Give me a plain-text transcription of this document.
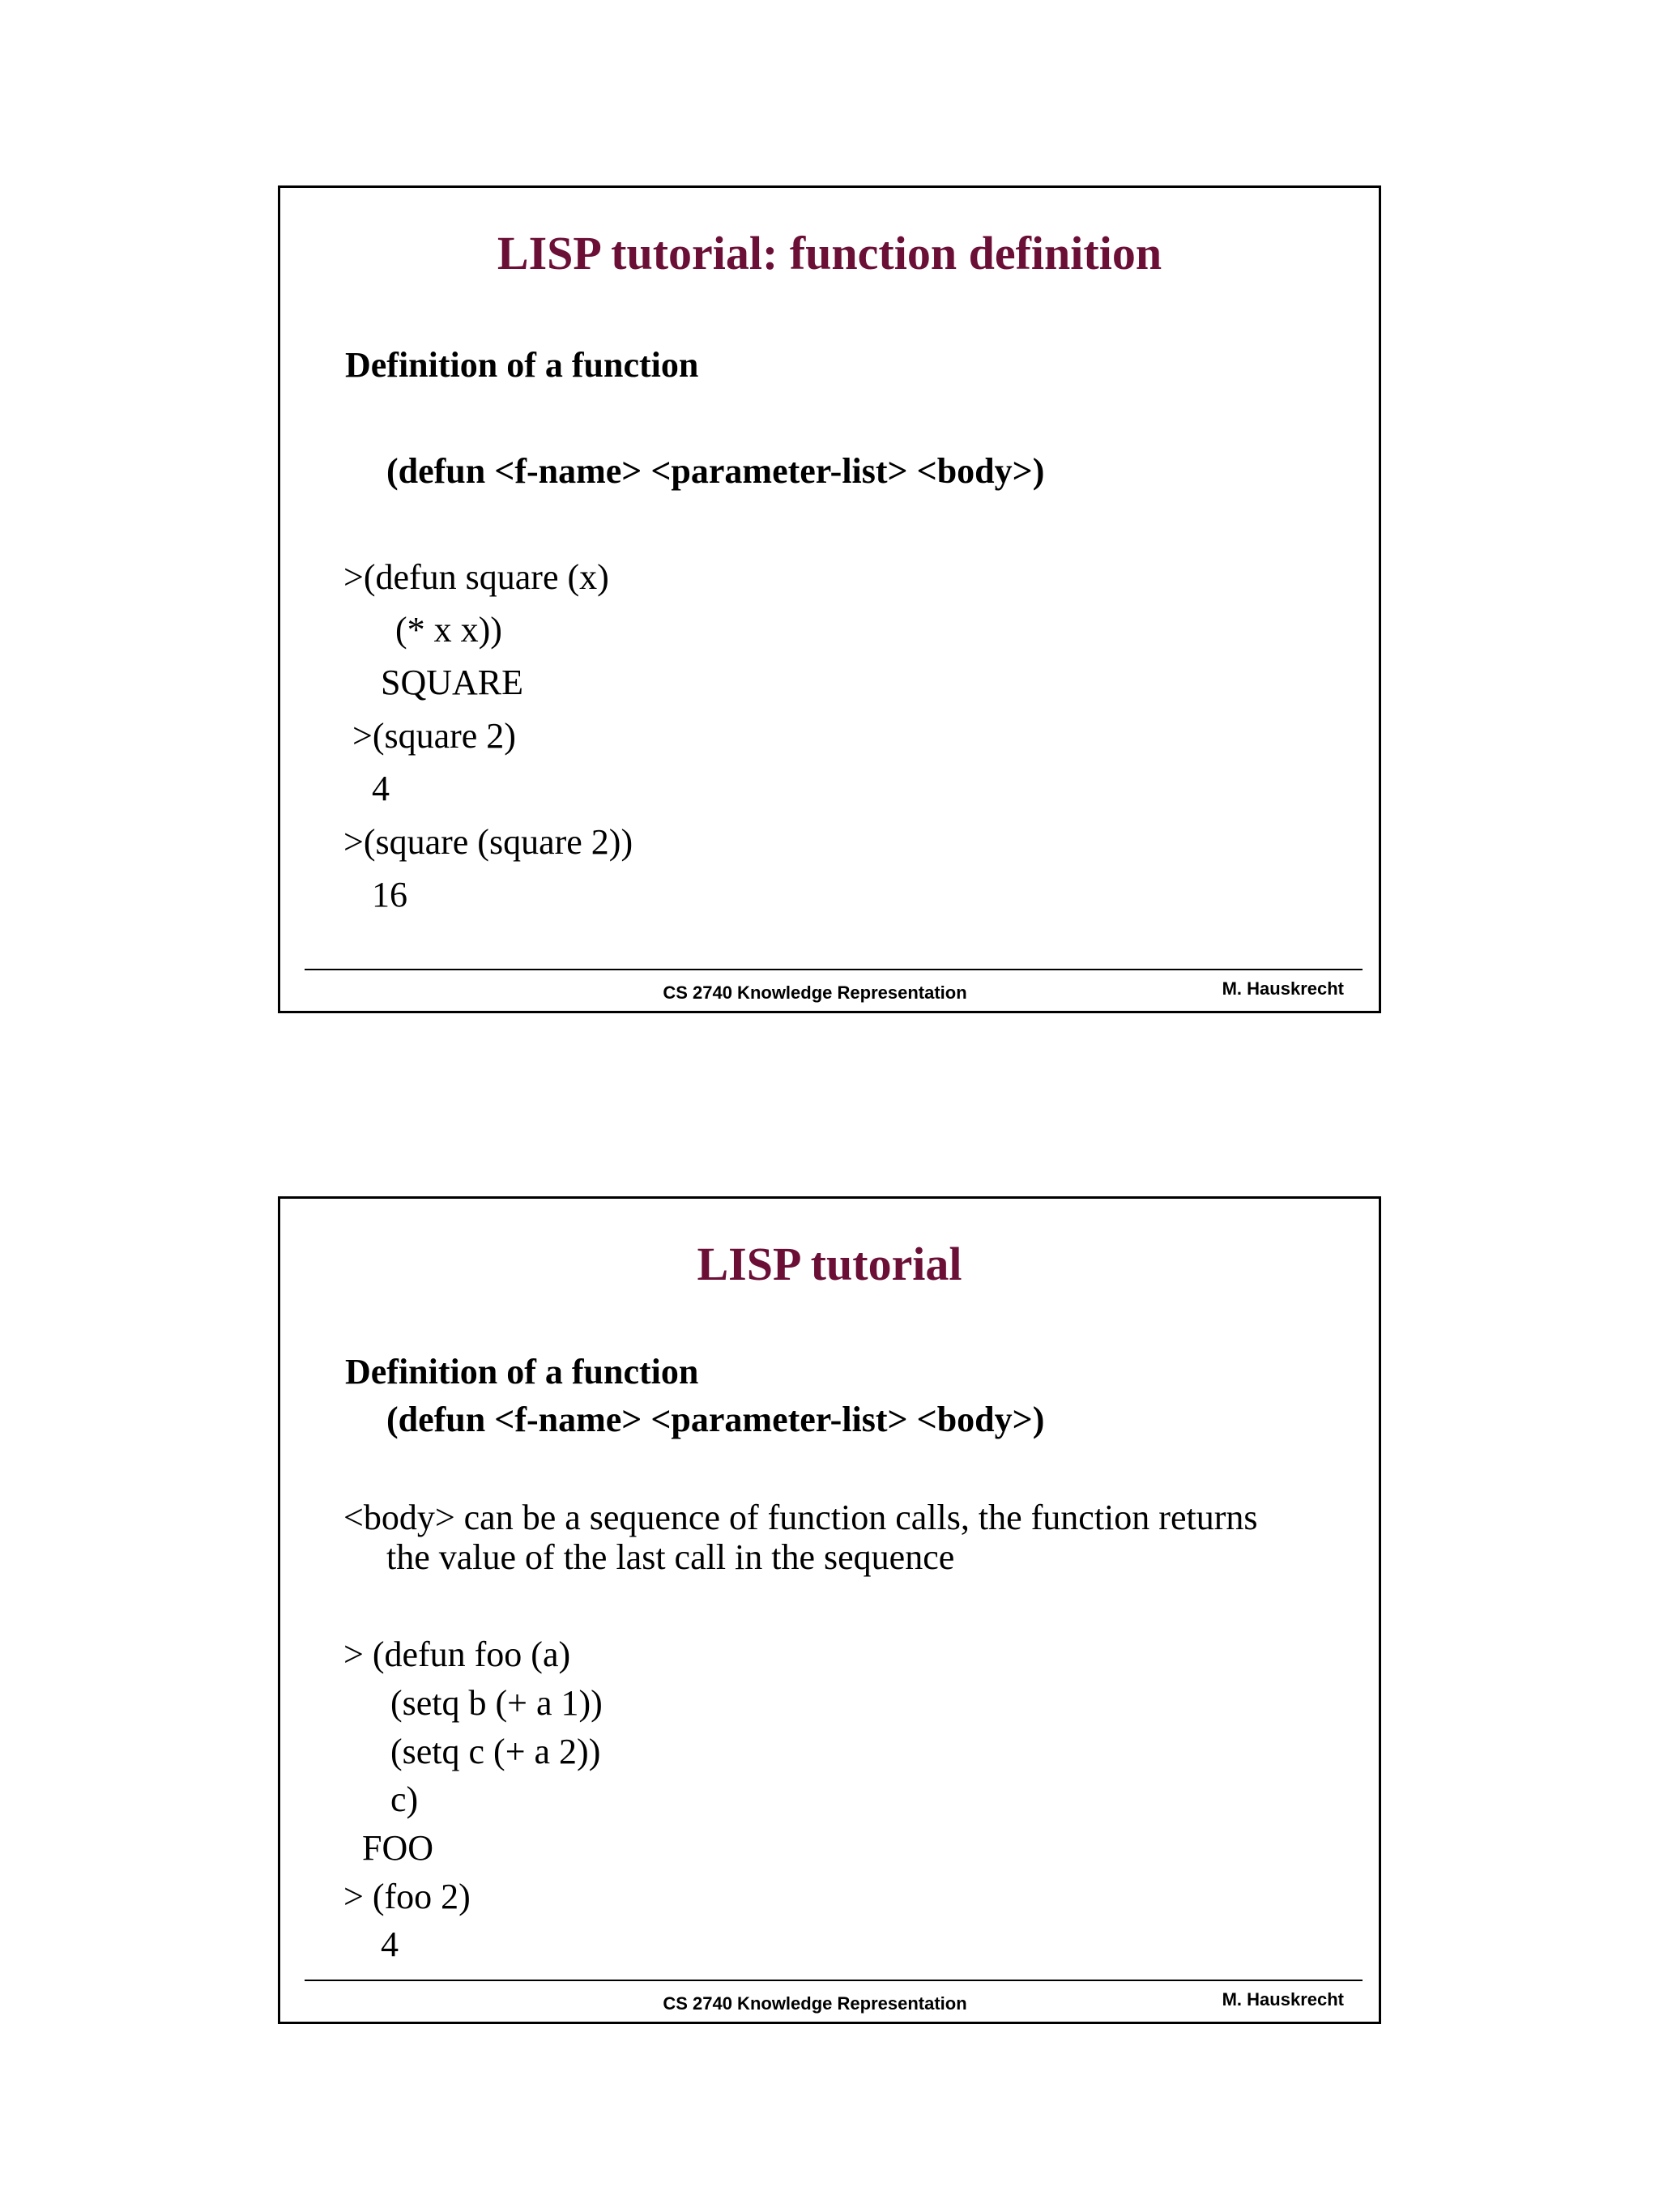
LISP tutorial: function definition
Definition of a function
(defun <f-name> <parameter-list> <body>)
>(defun square (x)
(* x x))
SQUARE
>(square 2)
4
>(square (square 2))
16
CS 2740 Knowledge Representation	M. Hauskrecht
LISP tutorial
Definition of a function
(defun <f-name> <parameter-list> <body>)
<body> can be a sequence of function calls, the function returns
the value of the last call in the sequence
> (defun foo (a)
(setq b (+ a 1))
(setq c (+ a 2))
c)
FOO
> (foo 2)
4
CS 2740 Knowledge Representation	M. Hauskrecht
